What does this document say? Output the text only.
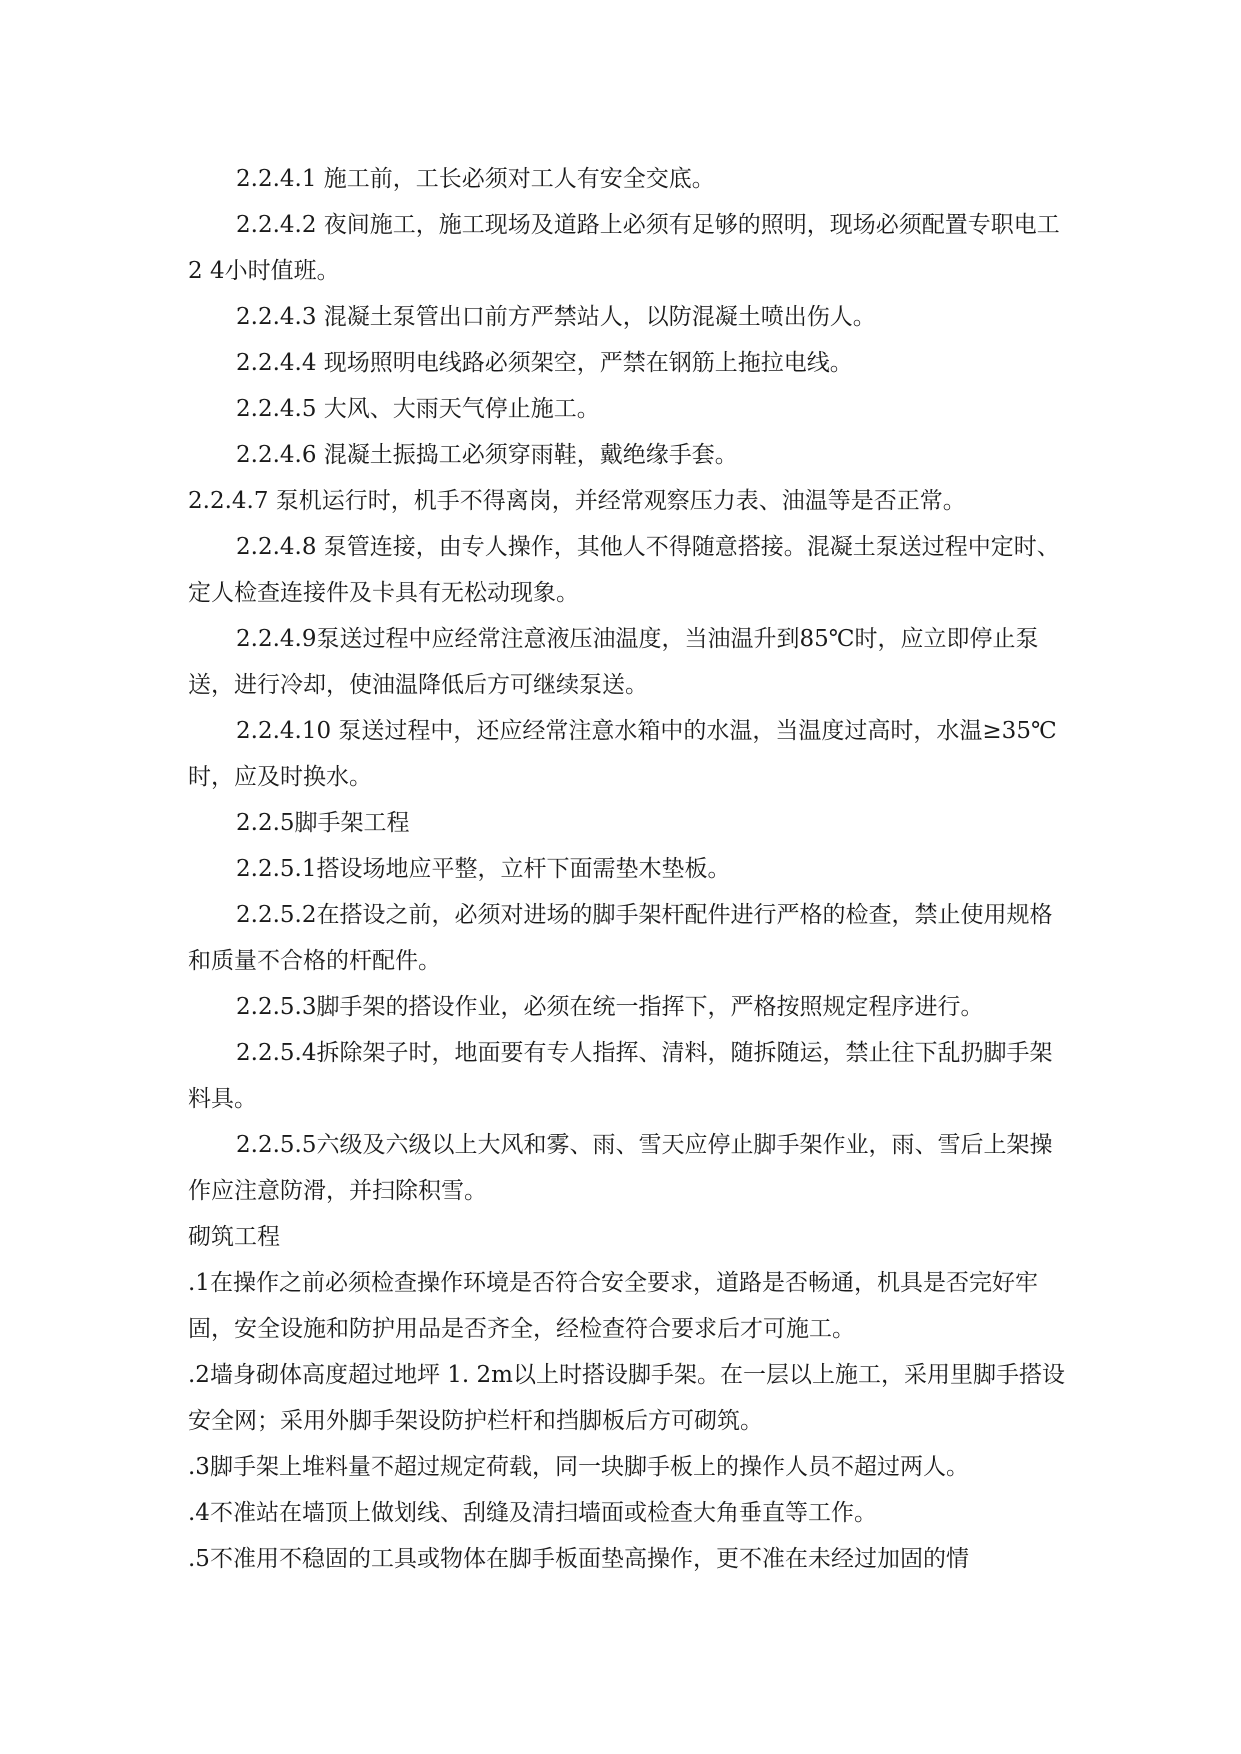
2.2.4.1 施工前，工长必须对工人有安全交底。

2.2.4.2 夜间施工，施工现场及道路上必须有足够的照明，现场必须配置专职电工2 4小时值班。

2.2.4.3 混凝土泵管出口前方严禁站人，以防混凝土喷出伤人。

2.2.4.4 现场照明电线路必须架空，严禁在钢筋上拖拉电线。

2.2.4.5 大风、大雨天气停止施工。

2.2.4.6 混凝土振捣工必须穿雨鞋，戴绝缘手套。

2.2.4.7 泵机运行时，机手不得离岗，并经常观察压力表、油温等是否正常。

2.2.4.8 泵管连接，由专人操作，其他人不得随意搭接。混凝土泵送过程中定时、定人检查连接件及卡具有无松动现象。

2.2.4.9泵送过程中应经常注意液压油温度，当油温升到85℃时，应立即停止泵送，进行冷却，使油温降低后方可继续泵送。

2.2.4.10 泵送过程中，还应经常注意水箱中的水温，当温度过高时，水温≥35℃时，应及时换水。

2.2.5脚手架工程

2.2.5.1搭设场地应平整，立杆下面需垫木垫板。

2.2.5.2在搭设之前，必须对进场的脚手架杆配件进行严格的检查，禁止使用规格和质量不合格的杆配件。

2.2.5.3脚手架的搭设作业，必须在统一指挥下，严格按照规定程序进行。

2.2.5.4拆除架子时，地面要有专人指挥、清料，随拆随运，禁止往下乱扔脚手架料具。

2.2.5.5六级及六级以上大风和雾、雨、雪天应停止脚手架作业，雨、雪后上架操作应注意防滑，并扫除积雪。

砌筑工程

.1在操作之前必须检查操作环境是否符合安全要求，道路是否畅通，机具是否完好牢固，安全设施和防护用品是否齐全，经检查符合要求后才可施工。

.2墙身砌体高度超过地坪 1. 2m以上时搭设脚手架。在一层以上施工，采用里脚手搭设安全网；采用外脚手架设防护栏杆和挡脚板后方可砌筑。

.3脚手架上堆料量不超过规定荷载，同一块脚手板上的操作人员不超过两人。

.4不准站在墙顶上做划线、刮缝及清扫墙面或检查大角垂直等工作。

.5不准用不稳固的工具或物体在脚手板面垫高操作，更不准在未经过加固的情
